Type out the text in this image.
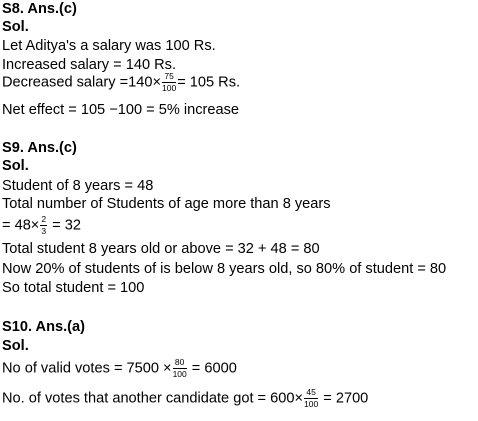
S8. Ans.(c)
Sol.
Let Aditya's a salary was 100 Rs.
Increased salary = 140 Rs.
Decreased salary $=140\times \frac{75}{100} = 105$ Rs.
Net effect = 105 −100 = 5% increase
S9. Ans.(c)
Sol.
Student of 8 years = 48
Total number of Students of age more than 8 years
= $48\times \frac{2}{3} = 32$
Total student 8 years old or above = 32 + 48 = 80
Now 20% of students of is below 8 years old, so 80% of student = 80
So total student = 100
S10. Ans.(a)
Sol.
No of valid votes = $7500 \times \frac{80}{100} = 6000$
No. of votes that another candidate got = $600\times \frac{45}{100} = 2700$
